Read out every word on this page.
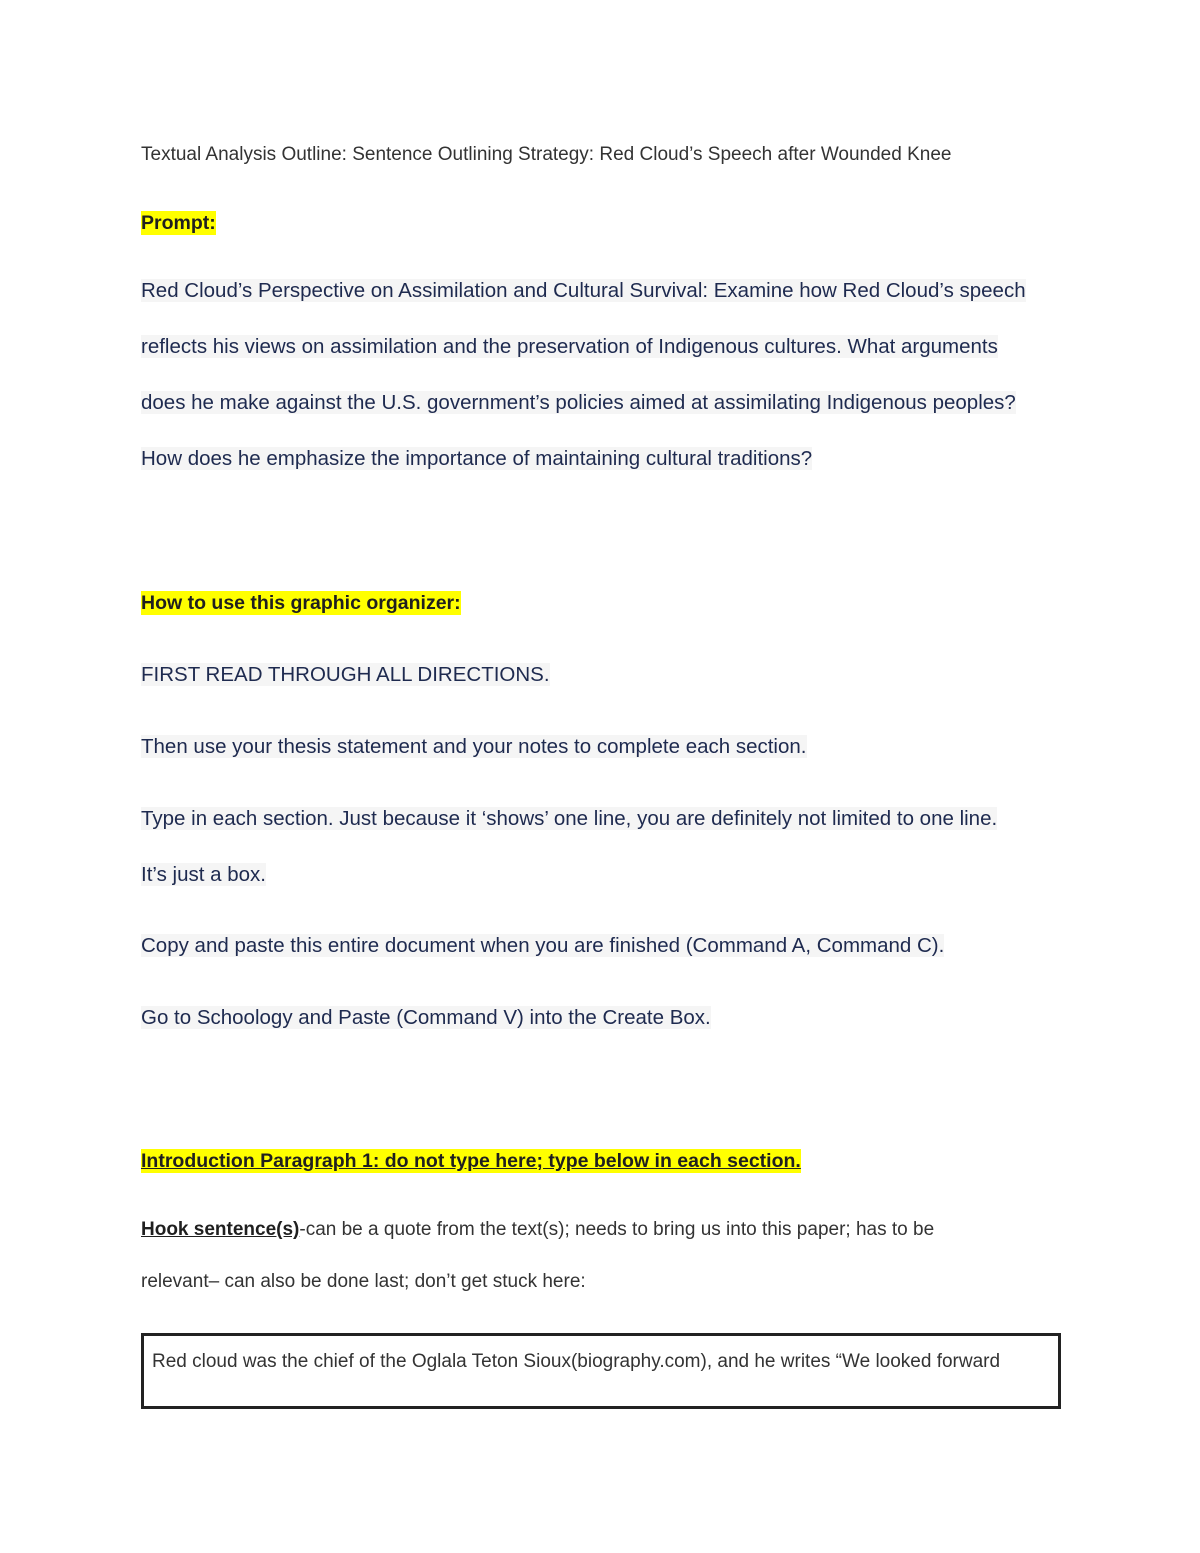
Textual Analysis Outline: Sentence Outlining Strategy: Red Cloud’s Speech after Wounded Knee

Prompt:

Red Cloud’s Perspective on Assimilation and Cultural Survival: Examine how Red Cloud’s speech

reflects his views on assimilation and the preservation of Indigenous cultures. What arguments

does he make against the U.S. government’s policies aimed at assimilating Indigenous peoples?

How does he emphasize the importance of maintaining cultural traditions?

How to use this graphic organizer:

FIRST READ THROUGH ALL DIRECTIONS.

Then use your thesis statement and your notes to complete each section.

Type in each section. Just because it ‘shows’ one line, you are definitely not limited to one line.

It’s just a box.

Copy and paste this entire document when you are finished (Command A, Command C).

Go to Schoology and Paste (Command V) into the Create Box.

Introduction Paragraph 1: do not type here; type below in each section.

Hook sentence(s)-can be a quote from the text(s); needs to bring us into this paper; has to be

relevant– can also be done last; don’t get stuck here:

Red cloud was the chief of the Oglala Teton Sioux(biography.com), and he writes “We looked forward
